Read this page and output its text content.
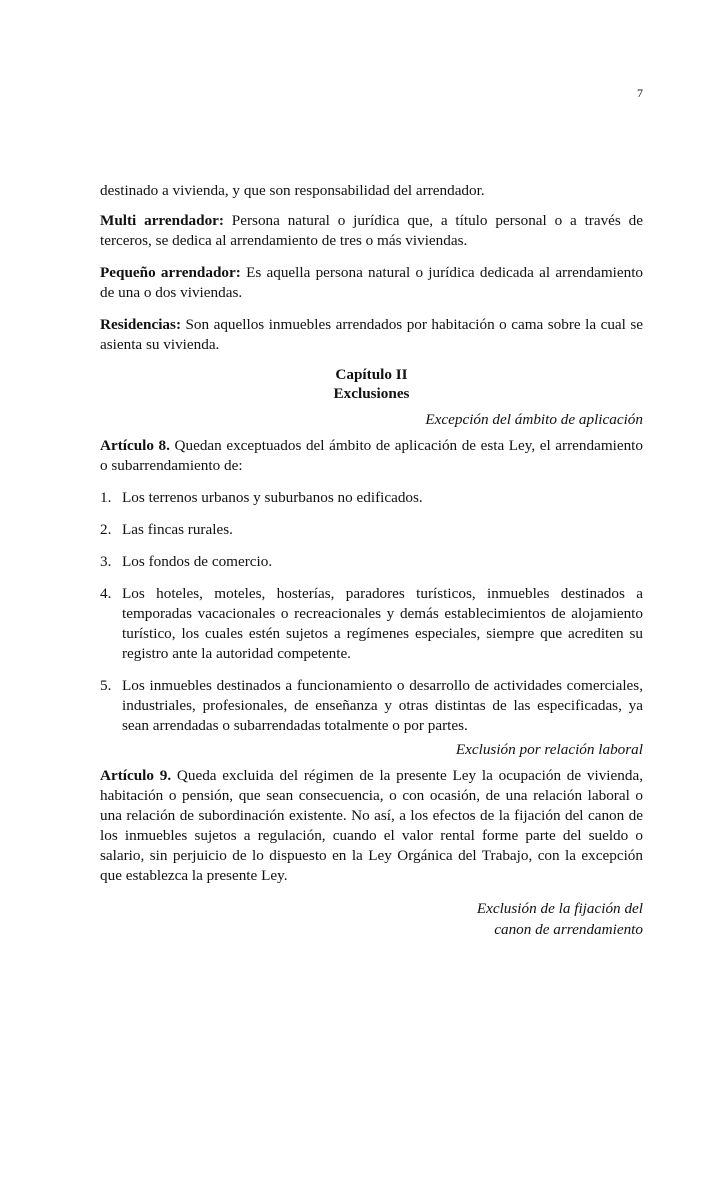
7

destinado a vivienda, y que son responsabilidad del arrendador.

Multi arrendador: Persona natural o jurídica que, a título personal o a través de terceros, se dedica al arrendamiento de tres o más viviendas.

Pequeño arrendador: Es aquella persona natural o jurídica dedicada al arrendamiento de una o dos viviendas.

Residencias: Son aquellos inmuebles arrendados por habitación o cama sobre la cual se asienta su vivienda.

Capítulo II
Exclusiones
Excepción del ámbito de aplicación

Artículo 8. Quedan exceptuados del ámbito de aplicación de esta Ley, el arrendamiento o subarrendamiento de:

1. Los terrenos urbanos y suburbanos no edificados.
2. Las fincas rurales.
3. Los fondos de comercio.
4. Los hoteles, moteles, hosterías, paradores turísticos, inmuebles destinados a temporadas vacacionales o recreacionales y demás establecimientos de alojamiento turístico, los cuales estén sujetos a regímenes especiales, siempre que acrediten su registro ante la autoridad competente.
5. Los inmuebles destinados a funcionamiento o desarrollo de actividades comerciales, industriales, profesionales, de enseñanza y otras distintas de las especificadas, ya sean arrendadas o subarrendadas totalmente o por partes.
Exclusión por relación laboral

Artículo 9. Queda excluida del régimen de la presente Ley la ocupación de vivienda, habitación o pensión, que sean consecuencia, o con ocasión, de una relación laboral o una relación de subordinación existente. No así, a los efectos de la fijación del canon de los inmuebles sujetos a regulación, cuando el valor rental forme parte del sueldo o salario, sin perjuicio de lo dispuesto en la Ley Orgánica del Trabajo, con la excepción que establezca la presente Ley.

Exclusión de la fijación del
canon de arrendamiento
